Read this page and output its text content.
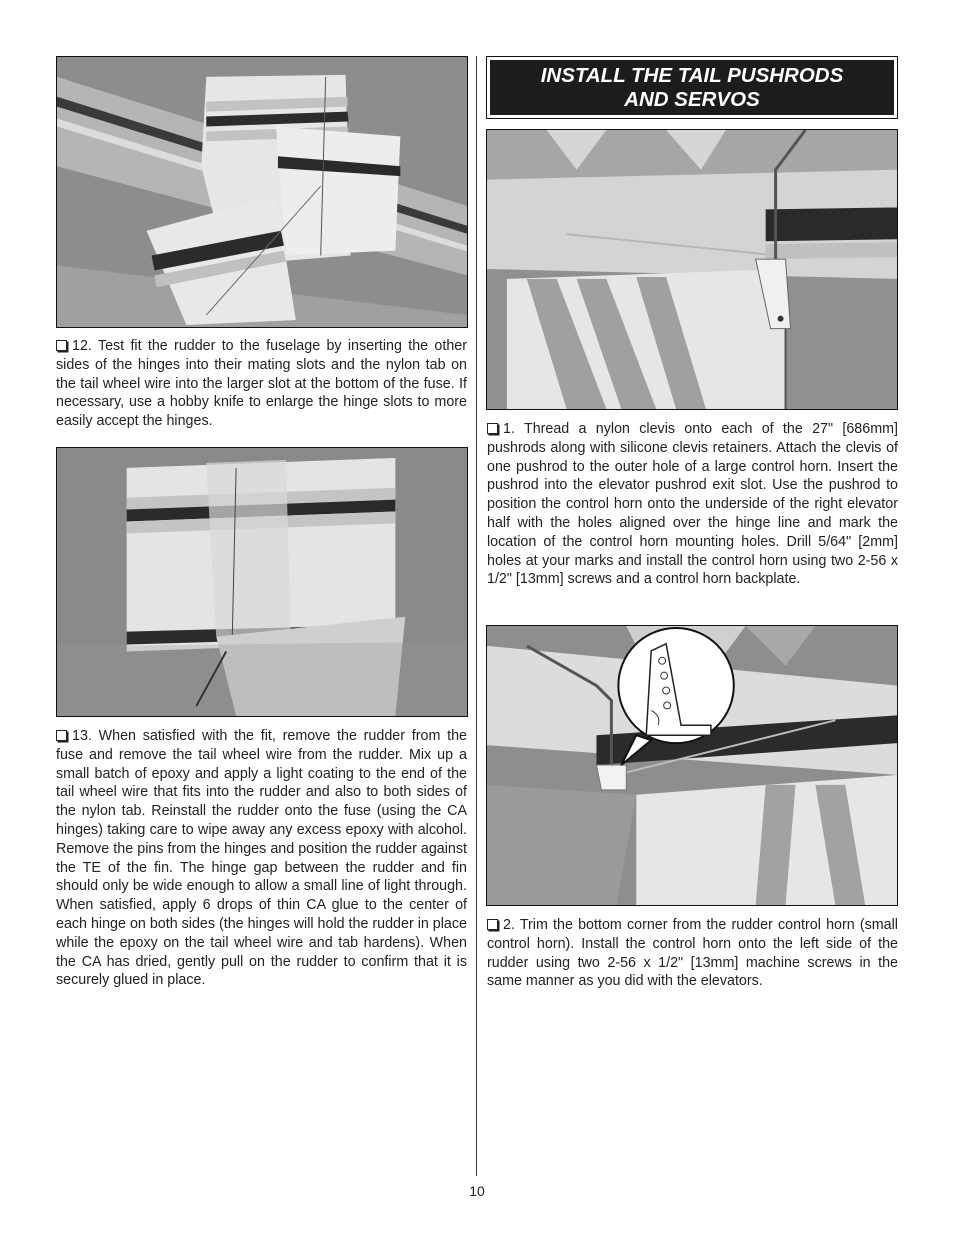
12. Test fit the rudder to the fuselage by inserting the other sides of the hinges into their mating slots and the nylon tab on the tail wheel wire into the larger slot at the bottom of the fuse. If necessary, use a hobby knife to enlarge the hinge slots to more easily accept the hinges.

13. When satisfied with the fit, remove the rudder from the fuse and remove the tail wheel wire from the rudder. Mix up a small batch of epoxy and apply a light coating to the end of the tail wheel wire that fits into the rudder and also to both sides of the nylon tab. Reinstall the rudder onto the fuse (using the CA hinges) taking care to wipe away any excess epoxy with alcohol. Remove the pins from the hinges and position the rudder against the TE of the fin. The hinge gap between the rudder and fin should only be wide enough to allow a small line of light through. When satisfied, apply 6 drops of thin CA glue to the center of each hinge on both sides (the hinges will hold the rudder in place while the epoxy on the tail wheel wire and tab hardens). When the CA has dried, gently pull on the rudder to confirm that it is securely glued in place.

INSTALL THE TAIL PUSHRODS
AND SERVOS

1. Thread a nylon clevis onto each of the 27" [686mm] pushrods along with silicone clevis retainers. Attach the clevis of one pushrod to the outer hole of a large control horn. Insert the pushrod into the elevator pushrod exit slot. Use the pushrod to position the control horn onto the underside of the right elevator half with the holes aligned over the hinge line and mark the location of the control horn mounting holes. Drill 5/64" [2mm] holes at your marks and install the control horn using two 2-56 x 1/2" [13mm] screws and a control horn backplate.

2. Trim the bottom corner from the rudder control horn (small control horn). Install the control horn onto the left side of the rudder using two 2-56 x 1/2" [13mm] machine screws in the same manner as you did with the elevators.

10
